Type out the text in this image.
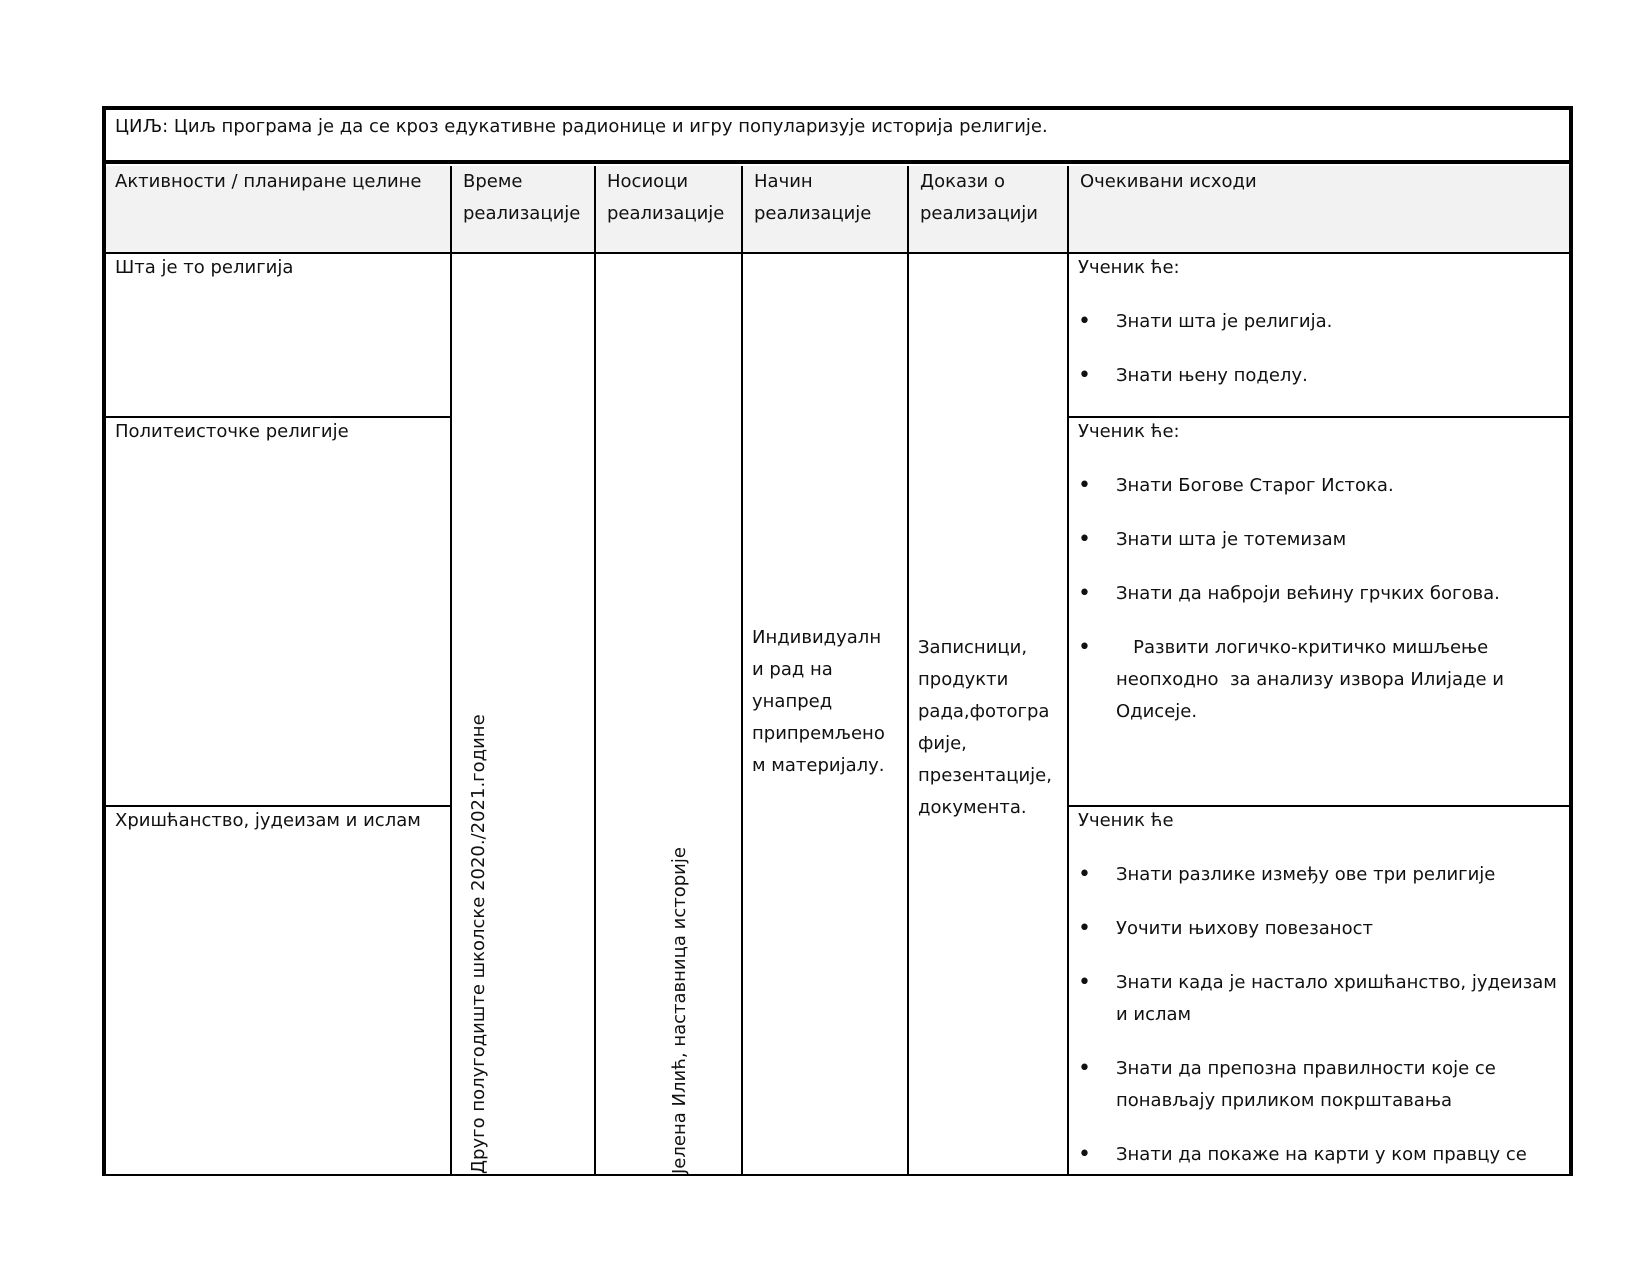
ЦИЉ: Циљ програма је да се кроз едукативне радионице и игру популаризује историја религије.
Активности / планиране целине Време
реализације
Носиоци
реализације
Начин
реализације
Докази о
реализацији
Очекивани исходи
Шта је то религија
Политеисточке религије
Хришћанство, јудеизам и ислам	Друго полугодиште школске 2020./2021.године	Јелена Илић, наставница историје
Индивидуалн
и рад на
унапред
припремљено
м материјалу.
Записници,
продукти
рада,фотогра
фије,
презентације,
документа.
Ученик ће:
• Знати шта је религија.
• Знати њену поделу.
Ученик ће:
• Знати Богове Старог Истока.
• Знати шта је тотемизам
• Знати да наброји већину грчких богова.
•    Развити логичко-критичко мишљење неопходно  за анализу извора Илијаде и Одисеје.
Ученик ће
• Знати разлике између ове три религије
• Уочити њихову повезаност
• Знати када је настало хришћанство, јудеизам и ислам
• Знати да препозна правилности које се понављају приликом покрштавања
• Знати да покаже на карти у ком правцу се
